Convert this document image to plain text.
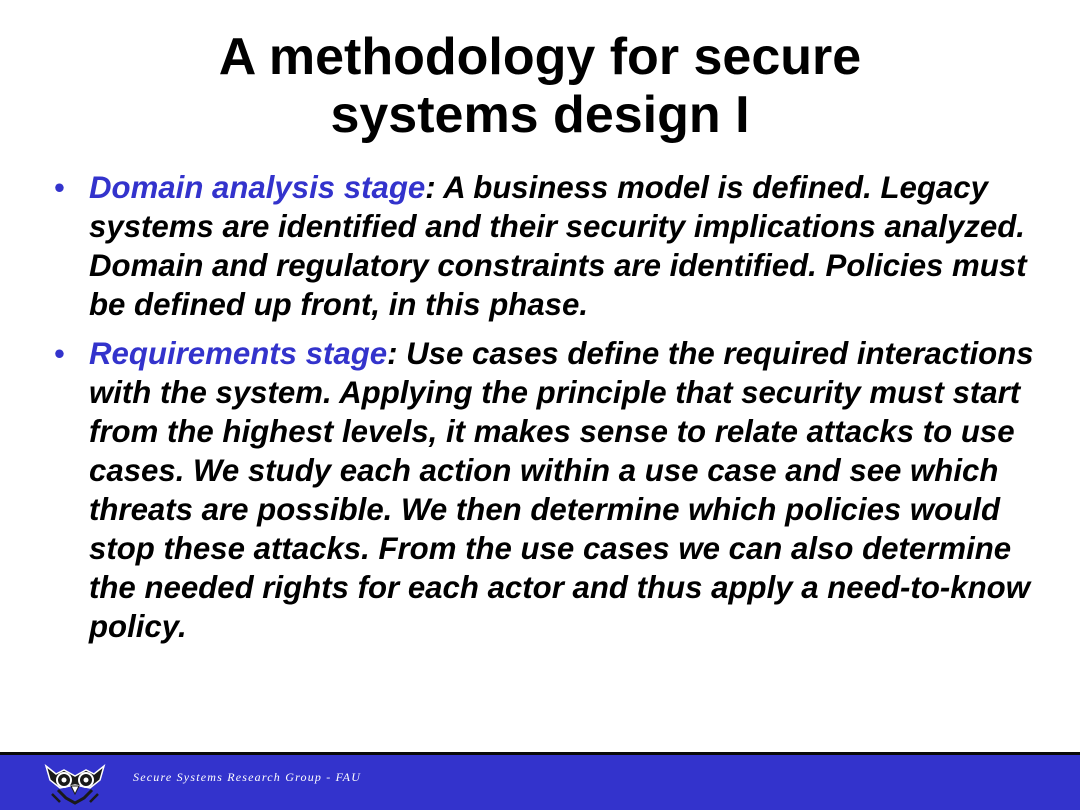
A methodology for secure
systems design I
• Domain analysis stage: A business model is defined. Legacy systems are identified and their security implications analyzed. Domain and regulatory constraints are identified. Policies must be defined up front, in this phase.
• Requirements stage: Use cases define the required interactions with the system. Applying the principle that security must start from the highest levels, it makes sense to relate attacks to use cases. We study each action within a use case and see which threats are possible. We then determine which policies would stop these attacks. From the use cases we can also determine the needed rights for each actor and thus apply a need-to-know policy.
Secure Systems Research Group - FAU
